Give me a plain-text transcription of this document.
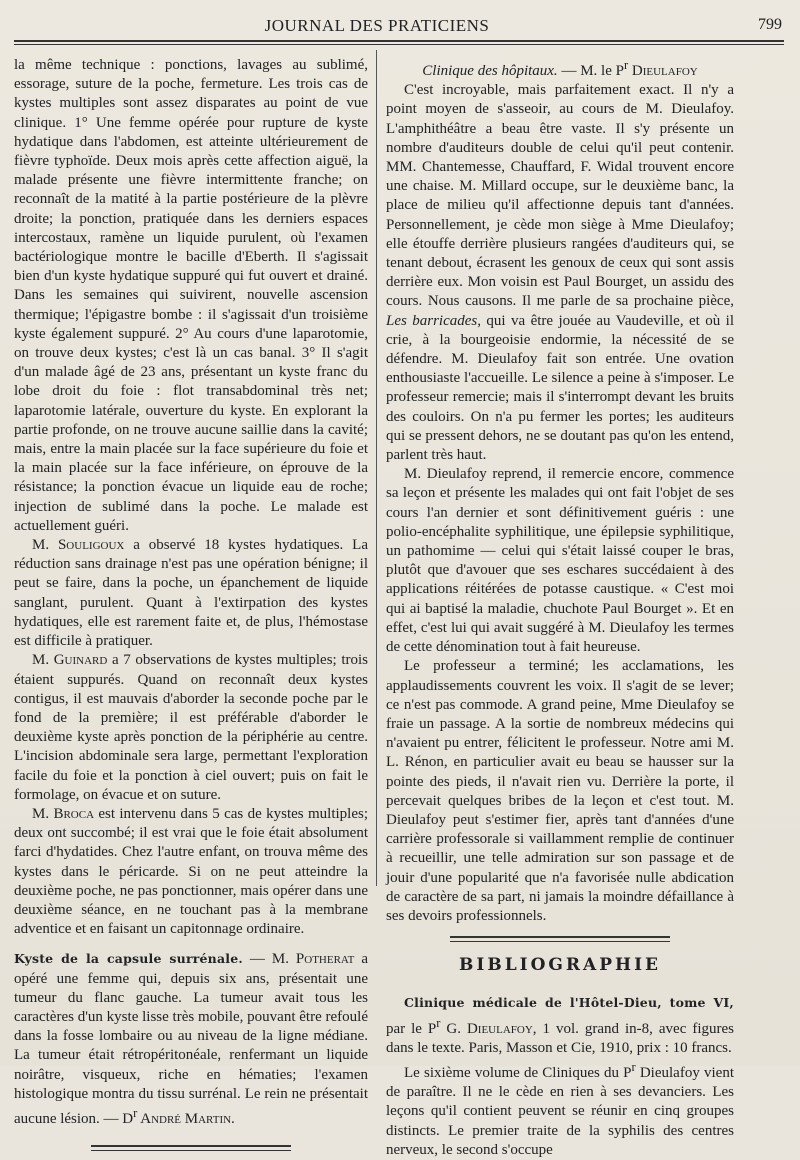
JOURNAL DES PRATICIENS	799

la même technique : ponctions, lavages au sublimé, essorage, suture de la poche, fermeture. Les trois cas de kystes multiples sont assez disparates au point de vue clinique. 1° Une femme opérée pour rupture de kyste hydatique dans l'abdomen, est atteinte ultérieurement de fièvre typhoïde. Deux mois après cette affection aiguë, la malade présente une fièvre intermittente franche; on reconnaît de la matité à la partie postérieure de la plèvre droite; la ponction, pratiquée dans les derniers espaces intercostaux, ramène un liquide purulent, où l'examen bactériologique montre le bacille d'Eberth. Il s'agissait bien d'un kyste hydatique suppuré qui fut ouvert et drainé. Dans les semaines qui suivirent, nouvelle ascension thermique; l'épigastre bombe : il s'agissait d'un troisième kyste également suppuré. 2° Au cours d'une laparotomie, on trouve deux kystes; c'est là un cas banal. 3° Il s'agit d'un malade âgé de 23 ans, présentant un kyste franc du lobe droit du foie : flot transabdominal très net; laparotomie latérale, ouverture du kyste. En explorant la partie profonde, on ne trouve aucune saillie dans la cavité; mais, entre la main placée sur la face supérieure du foie et la main placée sur la face inférieure, on éprouve de la résistance; la ponction évacue un liquide eau de roche; injection de sublimé dans la poche. Le malade est actuellement guéri.

M. Souligoux a observé 18 kystes hydatiques. La réduction sans drainage n'est pas une opération bénigne; il peut se faire, dans la poche, un épanchement de liquide sanglant, purulent. Quant à l'extirpation des kystes hydatiques, elle est rarement faite et, de plus, l'hémostase est difficile à pratiquer.

M. Guinard a 7 observations de kystes multiples; trois étaient suppurés. Quand on reconnaît deux kystes contigus, il est mauvais d'aborder la seconde poche par le fond de la première; il est préférable d'aborder le deuxième kyste après ponction de la périphérie au centre. L'incision abdominale sera large, permettant l'exploration facile du foie et la ponction à ciel ouvert; puis on fait le formolage, on évacue et on suture.

M. Broca est intervenu dans 5 cas de kystes multiples; deux ont succombé; il est vrai que le foie était absolument farci d'hydatides. Chez l'autre enfant, on trouva même des kystes dans le péricarde. Si on ne peut atteindre la deuxième poche, ne pas ponctionner, mais opérer dans une deuxième séance, en ne touchant pas à la membrane adventice et en faisant un capitonnage ordinaire.

Kyste de la capsule surrénale. — M. Potherat a opéré une femme qui, depuis six ans, présentait une tumeur du flanc gauche. La tumeur avait tous les caractères d'un kyste lisse très mobile, pouvant être refoulé dans la fosse lombaire ou au niveau de la ligne médiane. La tumeur était rétropéritonéale, renfermant un liquide noirâtre, visqueux, riche en hématies; l'examen histologique montra du tissu surrénal. Le rein ne présentait aucune lésion. — $D^r$ André Martin.

Clinique des hôpitaux. — M. le $P^r$ Dieulafoy

C'est incroyable, mais parfaitement exact. Il n'y a point moyen de s'asseoir, au cours de M. Dieulafoy. L'amphithéâtre a beau être vaste. Il s'y présente un nombre d'auditeurs double de celui qu'il peut contenir. MM. Chantemesse, Chauffard, F. Widal trouvent encore une chaise. M. Millard occupe, sur le deuxième banc, la place de milieu qu'il affectionne depuis tant d'années. Personnellement, je cède mon siège à Mme Dieulafoy; elle étouffe derrière plusieurs rangées d'auditeurs qui, se tenant debout, écrasent les genoux de ceux qui sont assis derrière eux. Mon voisin est Paul Bourget, un assidu des cours. Nous causons. Il me parle de sa prochaine pièce, Les barricades, qui va être jouée au Vaudeville, et où il crie, à la bourgeoisie endormie, la nécessité de se défendre. M. Dieulafoy fait son entrée. Une ovation enthousiaste l'accueille. Le silence a peine à s'imposer. Le professeur remercie; mais il s'interrompt devant les bruits des couloirs. On n'a pu fermer les portes; les auditeurs qui se pressent dehors, ne se doutant pas qu'on les entend, parlent très haut.

M. Dieulafoy reprend, il remercie encore, commence sa leçon et présente les malades qui ont fait l'objet de ses cours l'an dernier et sont définitivement guéris : une polio-encéphalite syphilitique, une épilepsie syphilitique, un pathomime — celui qui s'était laissé couper le bras, plutôt que d'avouer que ses eschares succédaient à des applications réitérées de potasse caustique. « C'est moi qui ai baptisé la maladie, chuchote Paul Bourget ». Et en effet, c'est lui qui avait suggéré à M. Dieulafoy les termes de cette dénomination tout à fait heureuse.

Le professeur a terminé; les acclamations, les applaudissements couvrent les voix. Il s'agit de se lever; ce n'est pas commode. A grand peine, Mme Dieulafoy se fraie un passage. A la sortie de nombreux médecins qui n'avaient pu entrer, félicitent le professeur. Notre ami M. L. Rénon, en particulier avait eu beau se hausser sur la pointe des pieds, il n'avait rien vu. Derrière la porte, il percevait quelques bribes de la leçon et c'est tout. M. Dieulafoy peut s'estimer fier, après tant d'années d'une carrière professorale si vaillamment remplie de continuer à recueillir, une telle admiration sur son passage et de jouir d'une popularité que n'a favorisée nulle abdication de caractère de sa part, ni jamais la moindre défaillance à ses devoirs professionnels.

BIBLIOGRAPHIE

Clinique médicale de l'Hôtel-Dieu, tome VI, par le $P^r$ G. Dieulafoy, 1 vol. grand in-8, avec figures dans le texte. Paris, Masson et Cie, 1910, prix : 10 francs.

Le sixième volume de Cliniques du $P^r$ Dieulafoy vient de paraître. Il ne le cède en rien à ses devanciers. Les leçons qu'il contient peuvent se réunir en cinq groupes distincts. Le premier traite de la syphilis des centres nerveux, le second s'occupe
